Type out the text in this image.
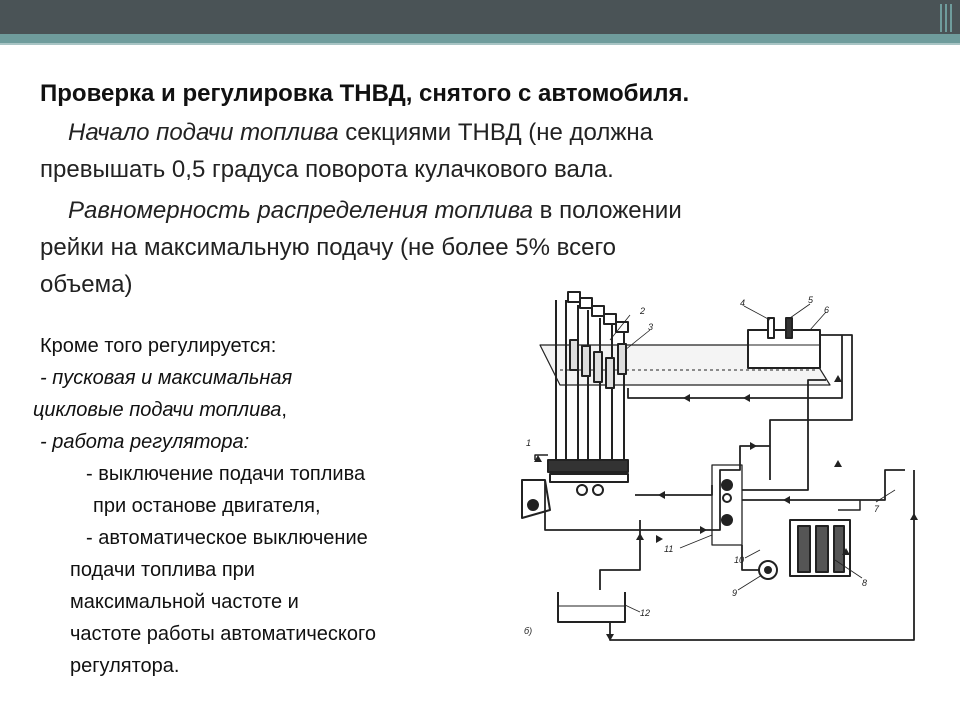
Проверка и регулировка ТНВД, снятого с автомобиля.
Начало подачи топлива секциями ТНВД (не должна
превышать 0,5 градуса поворота кулачкового вала.
Равномерность распределения топлива в положении
рейки на максимальную подачу (не более 5% всего
объема)
Кроме того регулируется:
- пусковая и максимальная
цикловые подачи топлива,
- работа регулятора:
- выключение подачи топлива
при останове двигателя,
- автоматическое выключение
подачи топлива при
максимальной частоте и
частоте работы автоматического
регулятора.
1
2
3
4	5
6
7
8
9
10
11
12
б)
